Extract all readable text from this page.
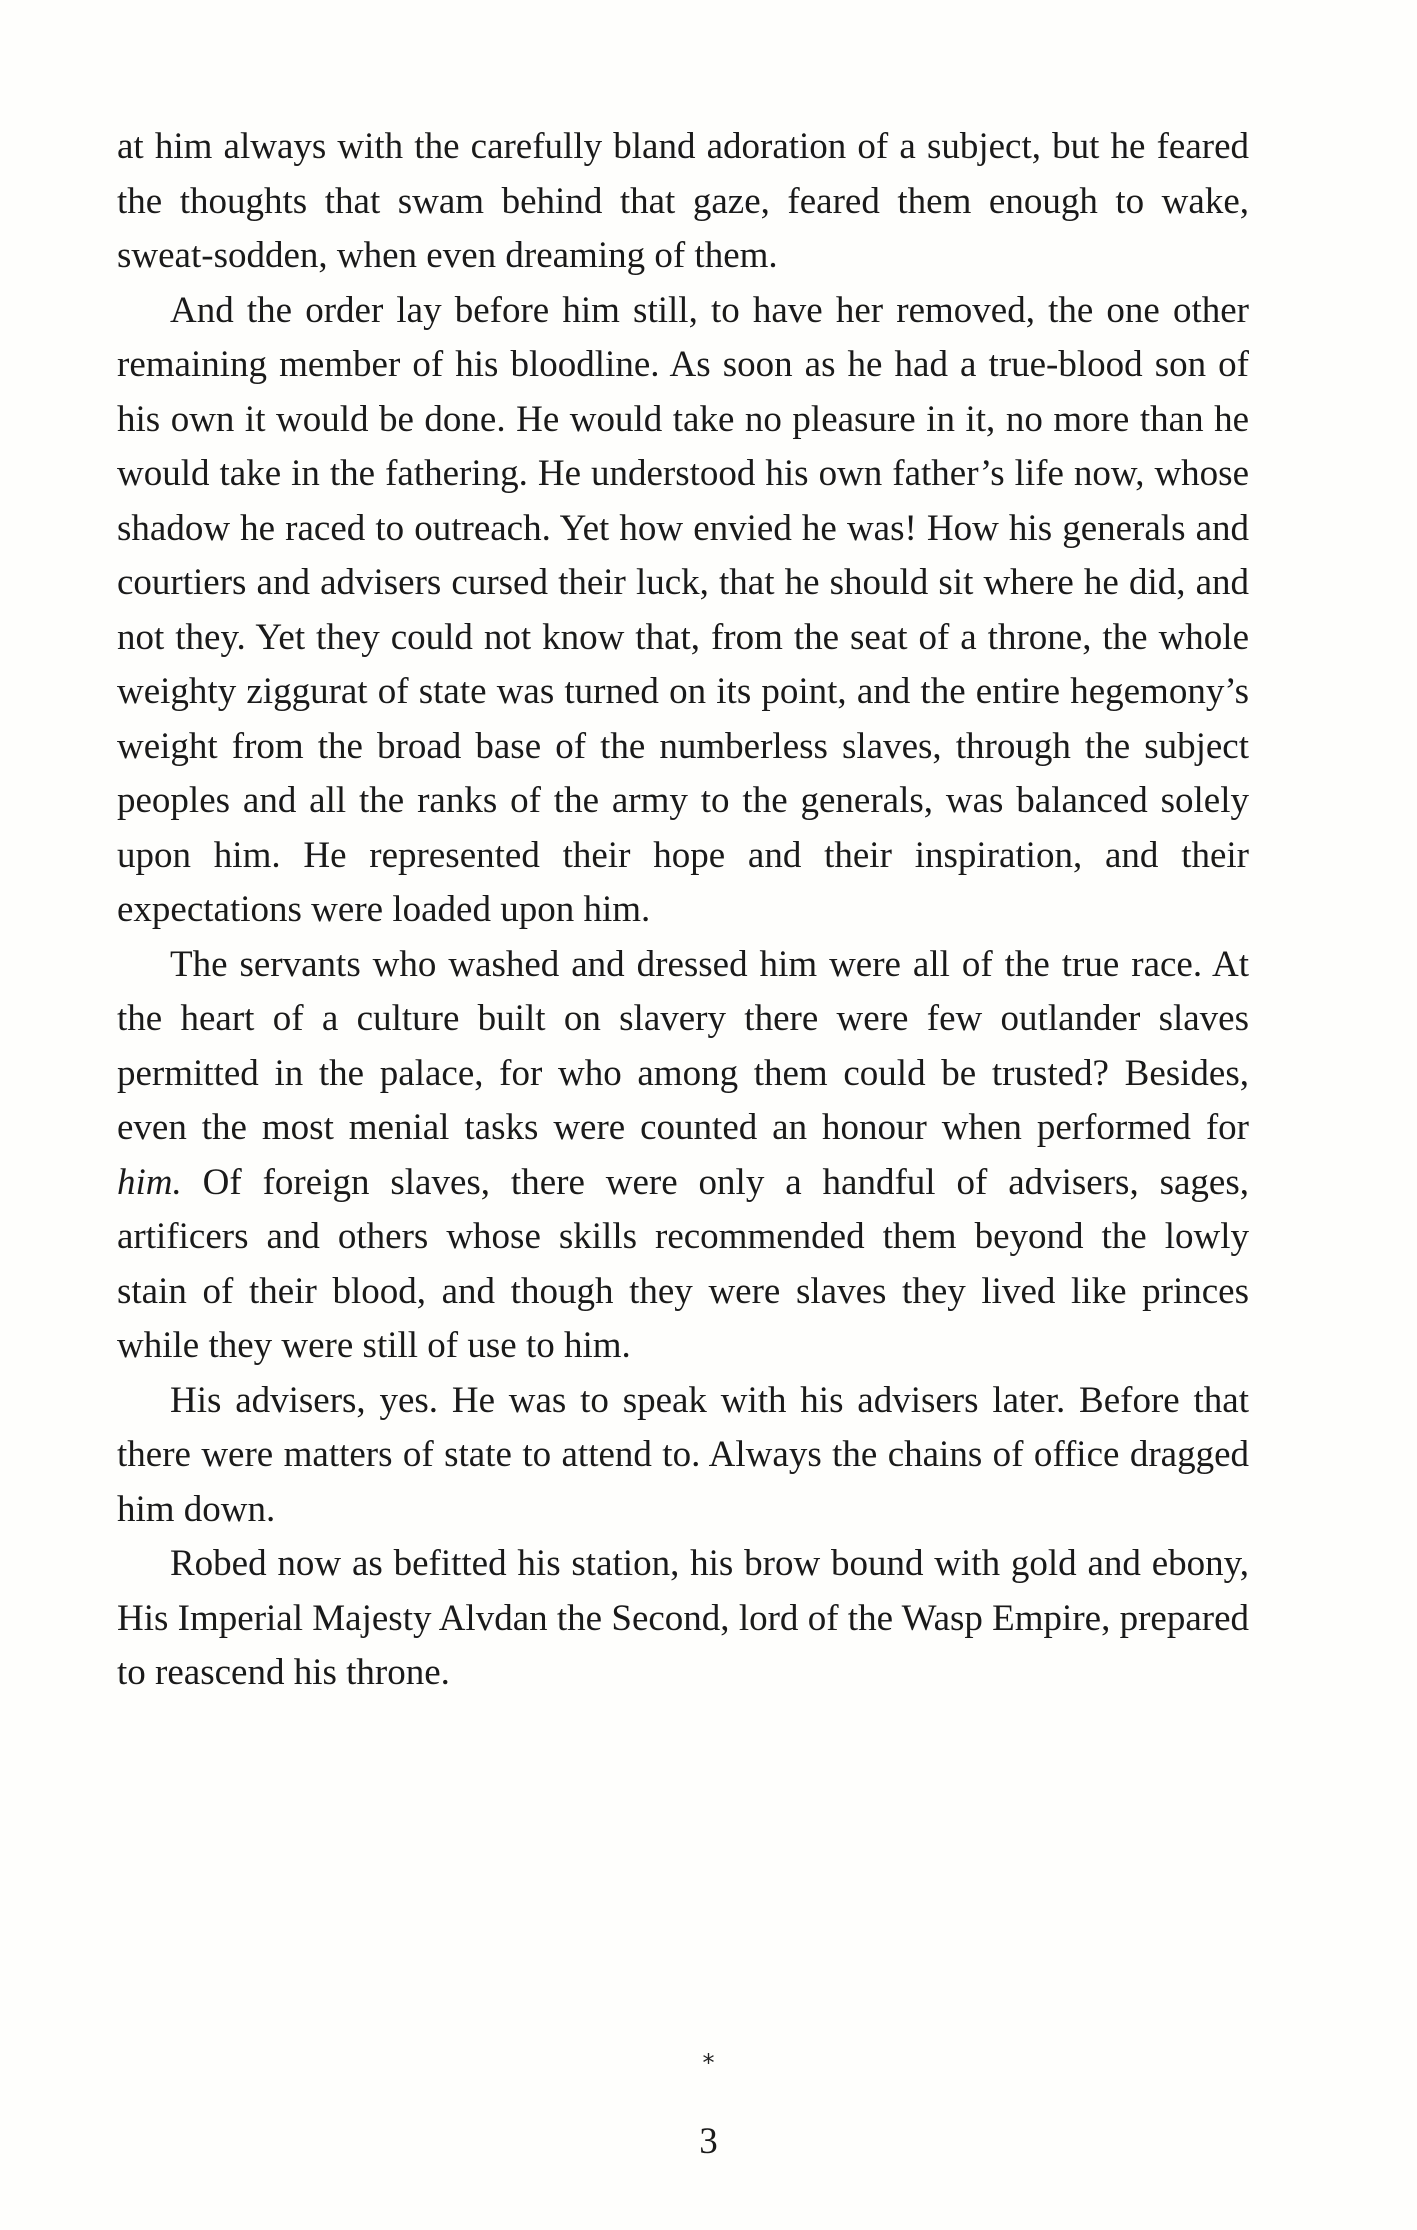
at him always with the carefully bland adoration of a subject, but he feared the thoughts that swam behind that gaze, feared them enough to wake, sweat-sodden, when even dreaming of them.

And the order lay before him still, to have her removed, the one other remaining member of his bloodline. As soon as he had a true-blood son of his own it would be done. He would take no pleasure in it, no more than he would take in the fathering. He understood his own father’s life now, whose shadow he raced to outreach. Yet how envied he was! How his generals and courtiers and advisers cursed their luck, that he should sit where he did, and not they. Yet they could not know that, from the seat of a throne, the whole weighty ziggurat of state was turned on its point, and the entire hegemony’s weight from the broad base of the numberless slaves, through the subject peoples and all the ranks of the army to the generals, was balanced solely upon him. He represented their hope and their inspiration, and their expectations were loaded upon him.

The servants who washed and dressed him were all of the true race. At the heart of a culture built on slavery there were few outlander slaves permitted in the palace, for who among them could be trusted? Besides, even the most menial tasks were counted an honour when performed for him. Of foreign slaves, there were only a handful of advisers, sages, artificers and others whose skills recommended them beyond the lowly stain of their blood, and though they were slaves they lived like princes while they were still of use to him.

His advisers, yes. He was to speak with his advisers later. Before that there were matters of state to attend to. Always the chains of office dragged him down.

Robed now as befitted his station, his brow bound with gold and ebony, His Imperial Majesty Alvdan the Second, lord of the Wasp Empire, prepared to reascend his throne.

*
3
